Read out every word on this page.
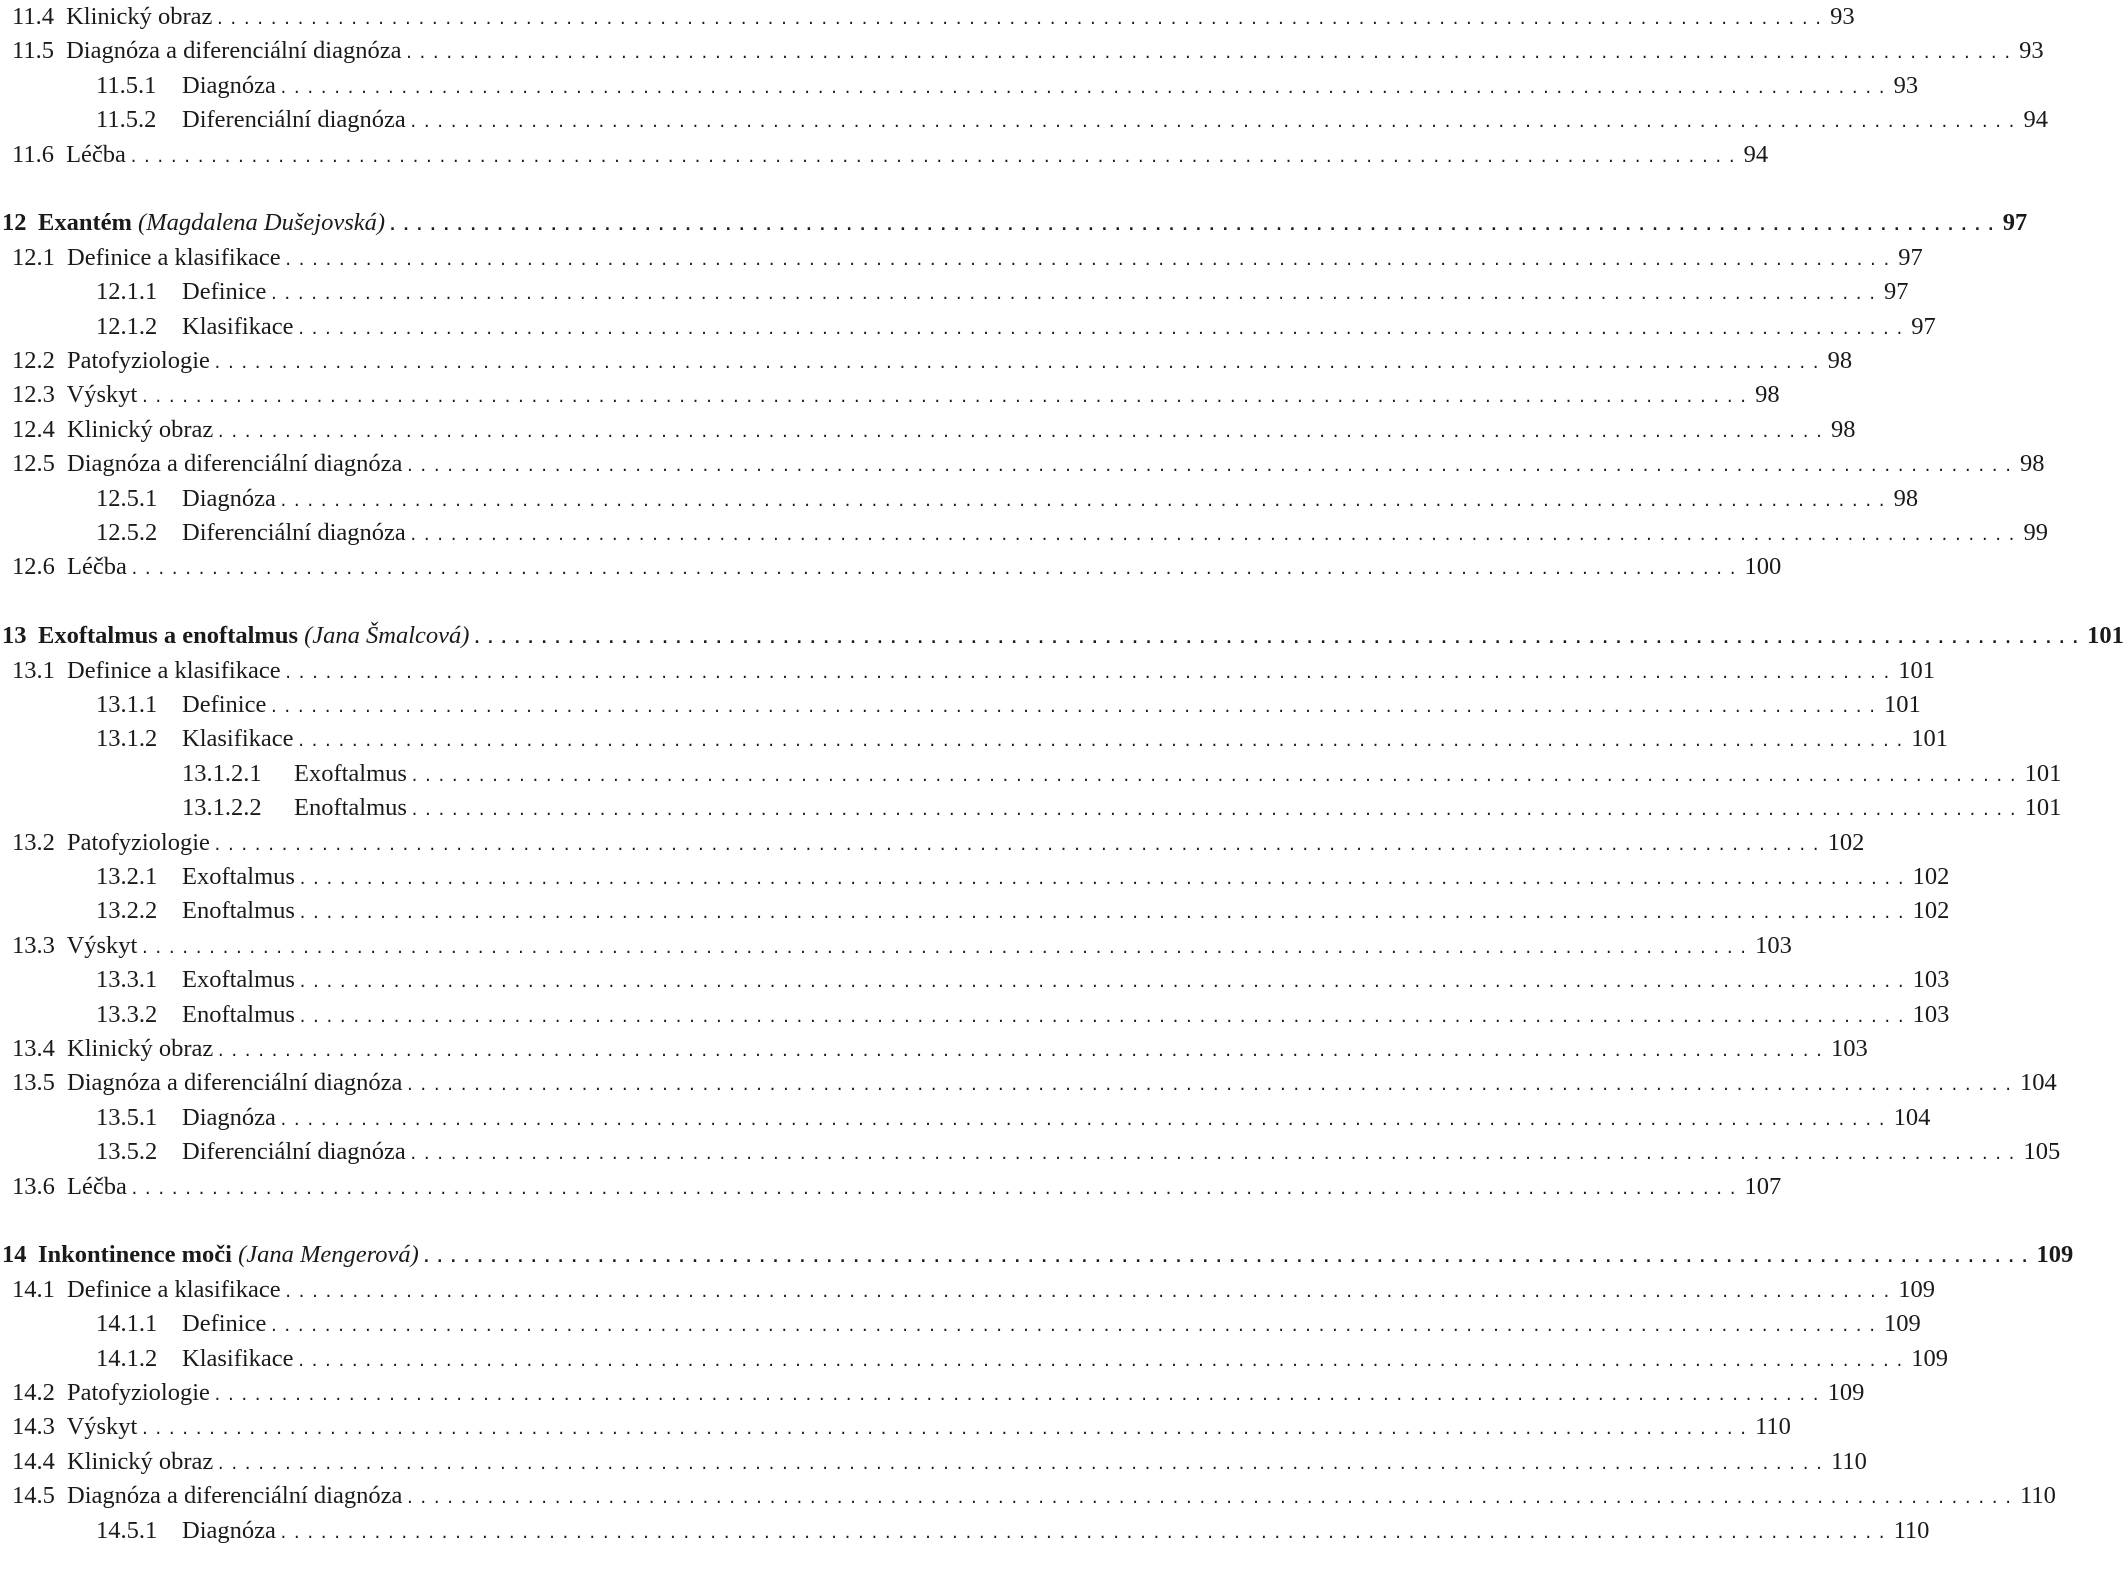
11.4 Klinický obraz ........................................................................................................................ 93
11.5 Diagnóza a diferenciální diagnóza ........................................................................................................................ 93
11.5.1 Diagnóza ........................................................................................................................ 93
11.5.2 Diferenciální diagnóza ........................................................................................................................ 94
11.6 Léčba ........................................................................................................................ 94
12 Exantém (Magdalena Dušejovská) ........................................................................................................................ 97
12.1 Definice a klasifikace ........................................................................................................................ 97
12.1.1 Definice ........................................................................................................................ 97
12.1.2 Klasifikace ........................................................................................................................ 97
12.2 Patofyziologie ........................................................................................................................ 98
12.3 Výskyt ........................................................................................................................ 98
12.4 Klinický obraz ........................................................................................................................ 98
12.5 Diagnóza a diferenciální diagnóza ........................................................................................................................ 98
12.5.1 Diagnóza ........................................................................................................................ 98
12.5.2 Diferenciální diagnóza ........................................................................................................................ 99
12.6 Léčba ........................................................................................................................ 100
13 Exoftalmus a enoftalmus (Jana Šmalcová) ........................................................................................................................ 101
13.1 Definice a klasifikace ........................................................................................................................ 101
13.1.1 Definice ........................................................................................................................ 101
13.1.2 Klasifikace ........................................................................................................................ 101
13.1.2.1 Exoftalmus ........................................................................................................................ 101
13.1.2.2 Enoftalmus ........................................................................................................................ 101
13.2 Patofyziologie ........................................................................................................................ 102
13.2.1 Exoftalmus ........................................................................................................................ 102
13.2.2 Enoftalmus ........................................................................................................................ 102
13.3 Výskyt ........................................................................................................................ 103
13.3.1 Exoftalmus ........................................................................................................................ 103
13.3.2 Enoftalmus ........................................................................................................................ 103
13.4 Klinický obraz ........................................................................................................................ 103
13.5 Diagnóza a diferenciální diagnóza ........................................................................................................................ 104
13.5.1 Diagnóza ........................................................................................................................ 104
13.5.2 Diferenciální diagnóza ........................................................................................................................ 105
13.6 Léčba ........................................................................................................................ 107
14 Inkontinence moči (Jana Mengerová) ........................................................................................................................ 109
14.1 Definice a klasifikace ........................................................................................................................ 109
14.1.1 Definice ........................................................................................................................ 109
14.1.2 Klasifikace ........................................................................................................................ 109
14.2 Patofyziologie ........................................................................................................................ 109
14.3 Výskyt ........................................................................................................................ 110
14.4 Klinický obraz ........................................................................................................................ 110
14.5 Diagnóza a diferenciální diagnóza ........................................................................................................................ 110
14.5.1 Diagnóza ........................................................................................................................ 110
